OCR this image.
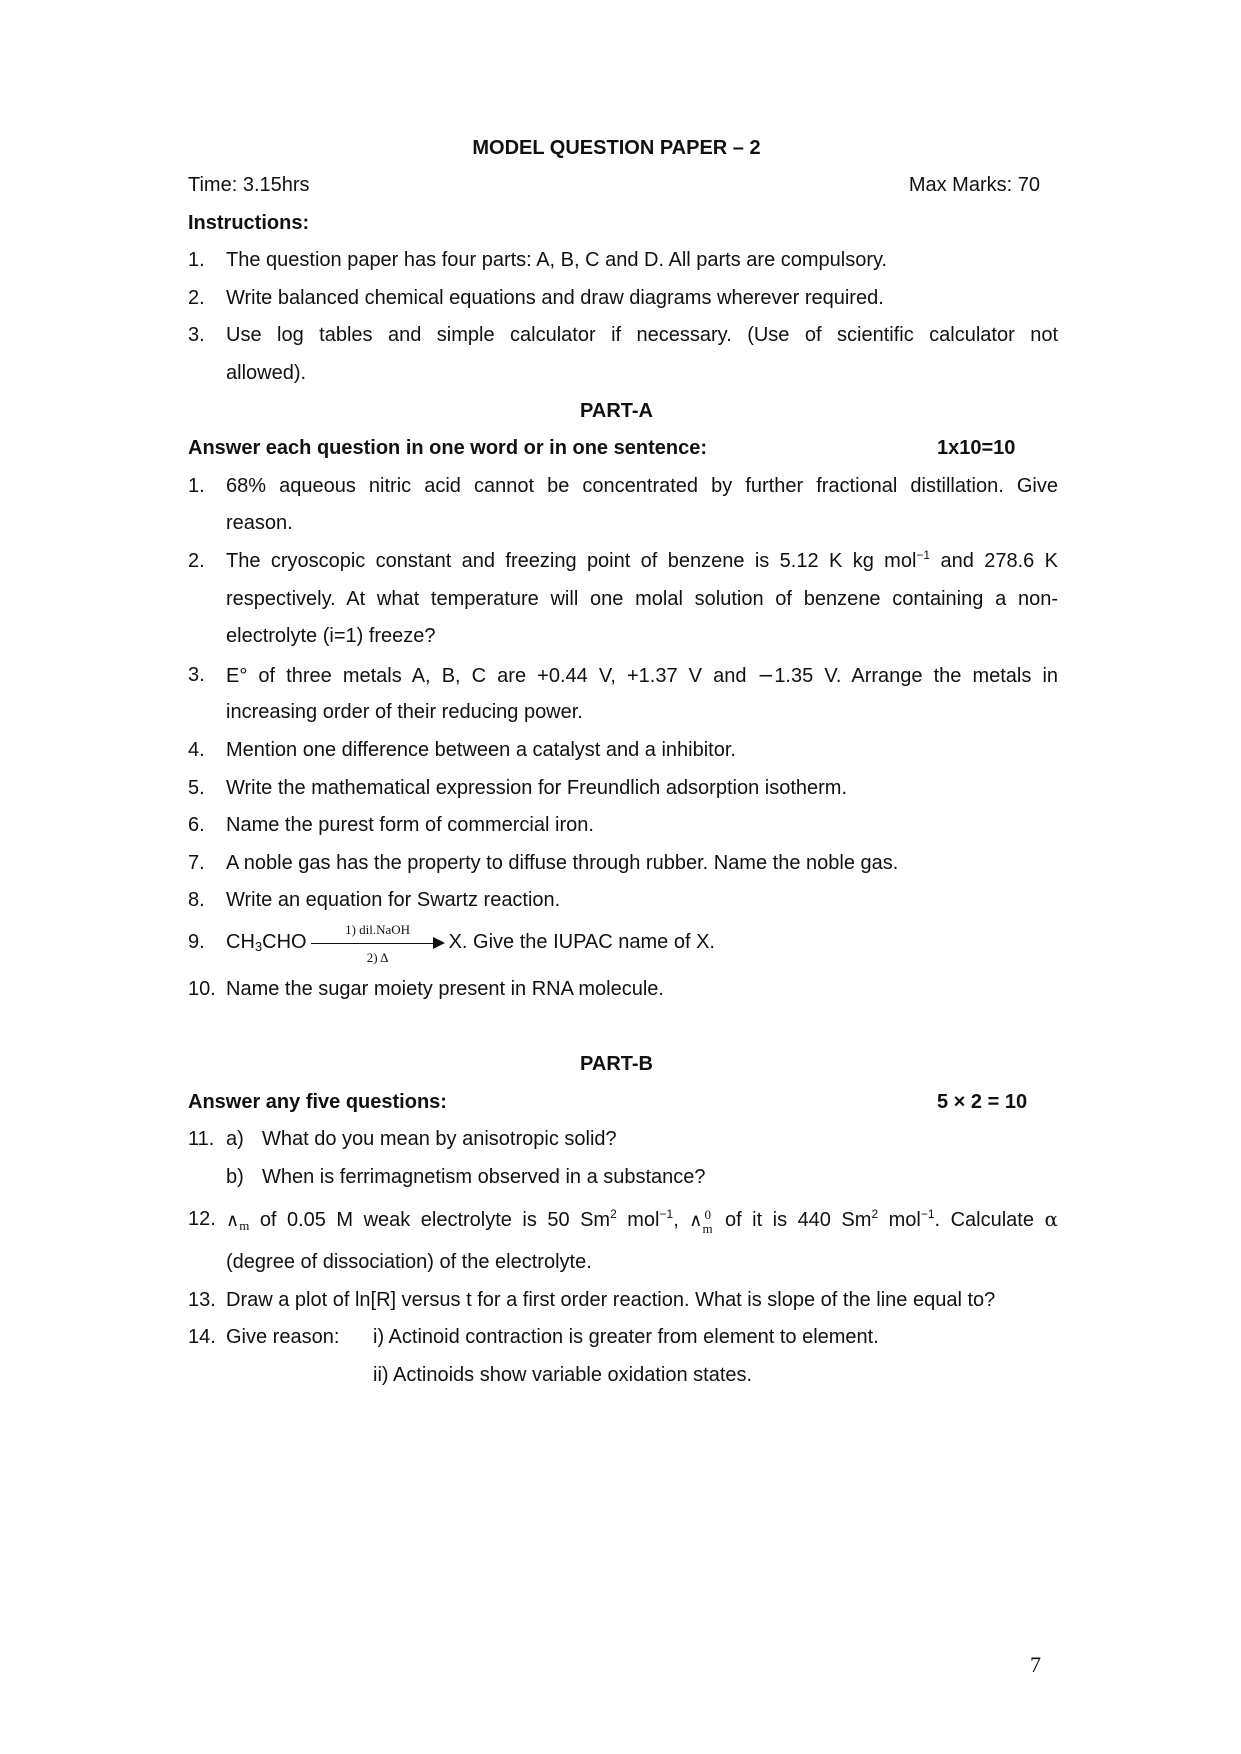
MODEL QUESTION PAPER – 2
Time: 3.15hrs	Max Marks: 70
Instructions:
1.	The question paper has four parts: A, B, C and D. All parts are compulsory.
2.	Write balanced chemical equations and draw diagrams wherever required.
3.	Use log tables and simple calculator if necessary. (Use of scientific calculator not
allowed).
PART-A
Answer each question in one word or in one sentence:	1x10=10
1.	68% aqueous nitric acid cannot be concentrated by further fractional distillation. Give
reason.
2.	The cryoscopic constant and freezing point of benzene is 5.12 K kg mol$^{-1}$ and 278.6 K
respectively. At what temperature will one molal solution of benzene containing a non-
electrolyte (i=1) freeze?
3.	E° of three metals A, B, C are +0.44 V, +1.37 V and −1.35 V. Arrange the metals in
increasing order of their reducing power.
4.	Mention one difference between a catalyst and a inhibitor.
5.	Write the mathematical expression for Freundlich adsorption isotherm.
6.	Name the purest form of commercial iron.
7.	A noble gas has the property to diffuse through rubber. Name the noble gas.
8.	Write an equation for Swartz reaction.
9.	$CH_3CHO$
1) dil.NaOH
2) Δ
X. Give the IUPAC name of X.
10. Name the sugar moiety present in RNA molecule.
PART-B
Answer any five questions:	5 × 2 = 10
11. a) What do you mean by anisotropic solid?
b) When is ferrimagnetism observed in a substance?
12. $\wedge_m$ of 0.05 M weak electrolyte is 50 Sm$^2$ mol$^{-1}$, ∧ 0
m of it is 440 Sm$^2$ mol$^{-1}$. Calculate α
(degree of dissociation) of the electrolyte.
13. Draw a plot of ln[R] versus t for a first order reaction. What is slope of the line equal to?
14. Give reason: i) Actinoid contraction is greater from element to element.
ii) Actinoids show variable oxidation states.
7
